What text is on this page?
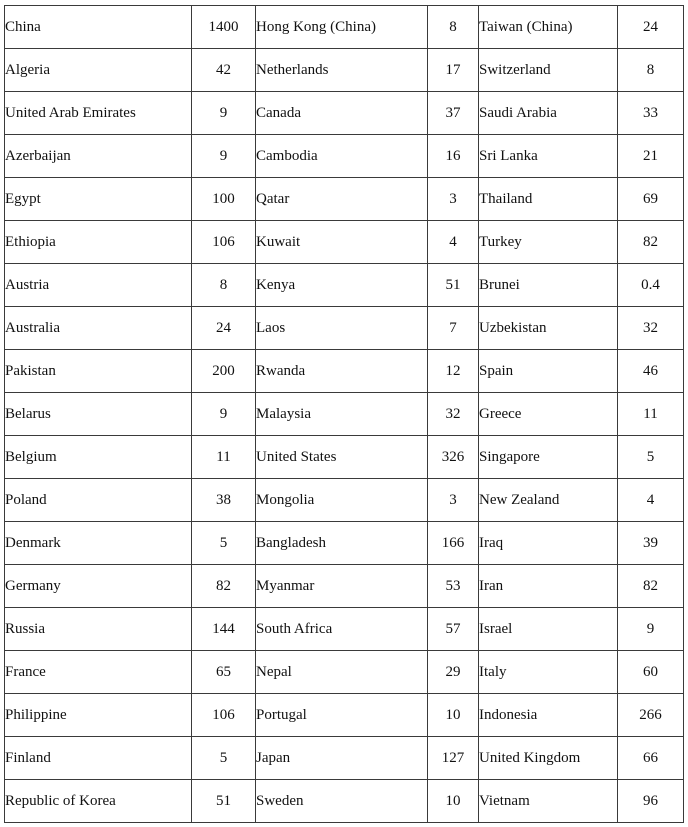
China	1400	Hong Kong (China)	8	Taiwan (China)	24
Algeria	42	Netherlands	17	Switzerland	8
United Arab Emirates	9	Canada	37	Saudi Arabia	33
Azerbaijan	9	Cambodia	16	Sri Lanka	21
Egypt	100	Qatar	3	Thailand	69
Ethiopia	106	Kuwait	4	Turkey	82
Austria	8	Kenya	51	Brunei	0.4
Australia	24	Laos	7	Uzbekistan	32
Pakistan	200	Rwanda	12	Spain	46
Belarus	9	Malaysia	32	Greece	11
Belgium	11	United States	326	Singapore	5
Poland	38	Mongolia	3	New Zealand	4
Denmark	5	Bangladesh	166	Iraq	39
Germany	82	Myanmar	53	Iran	82
Russia	144	South Africa	57	Israel	9
France	65	Nepal	29	Italy	60
Philippine	106	Portugal	10	Indonesia	266
Finland	5	Japan	127	United Kingdom	66
Republic of Korea	51	Sweden	10	Vietnam	96
